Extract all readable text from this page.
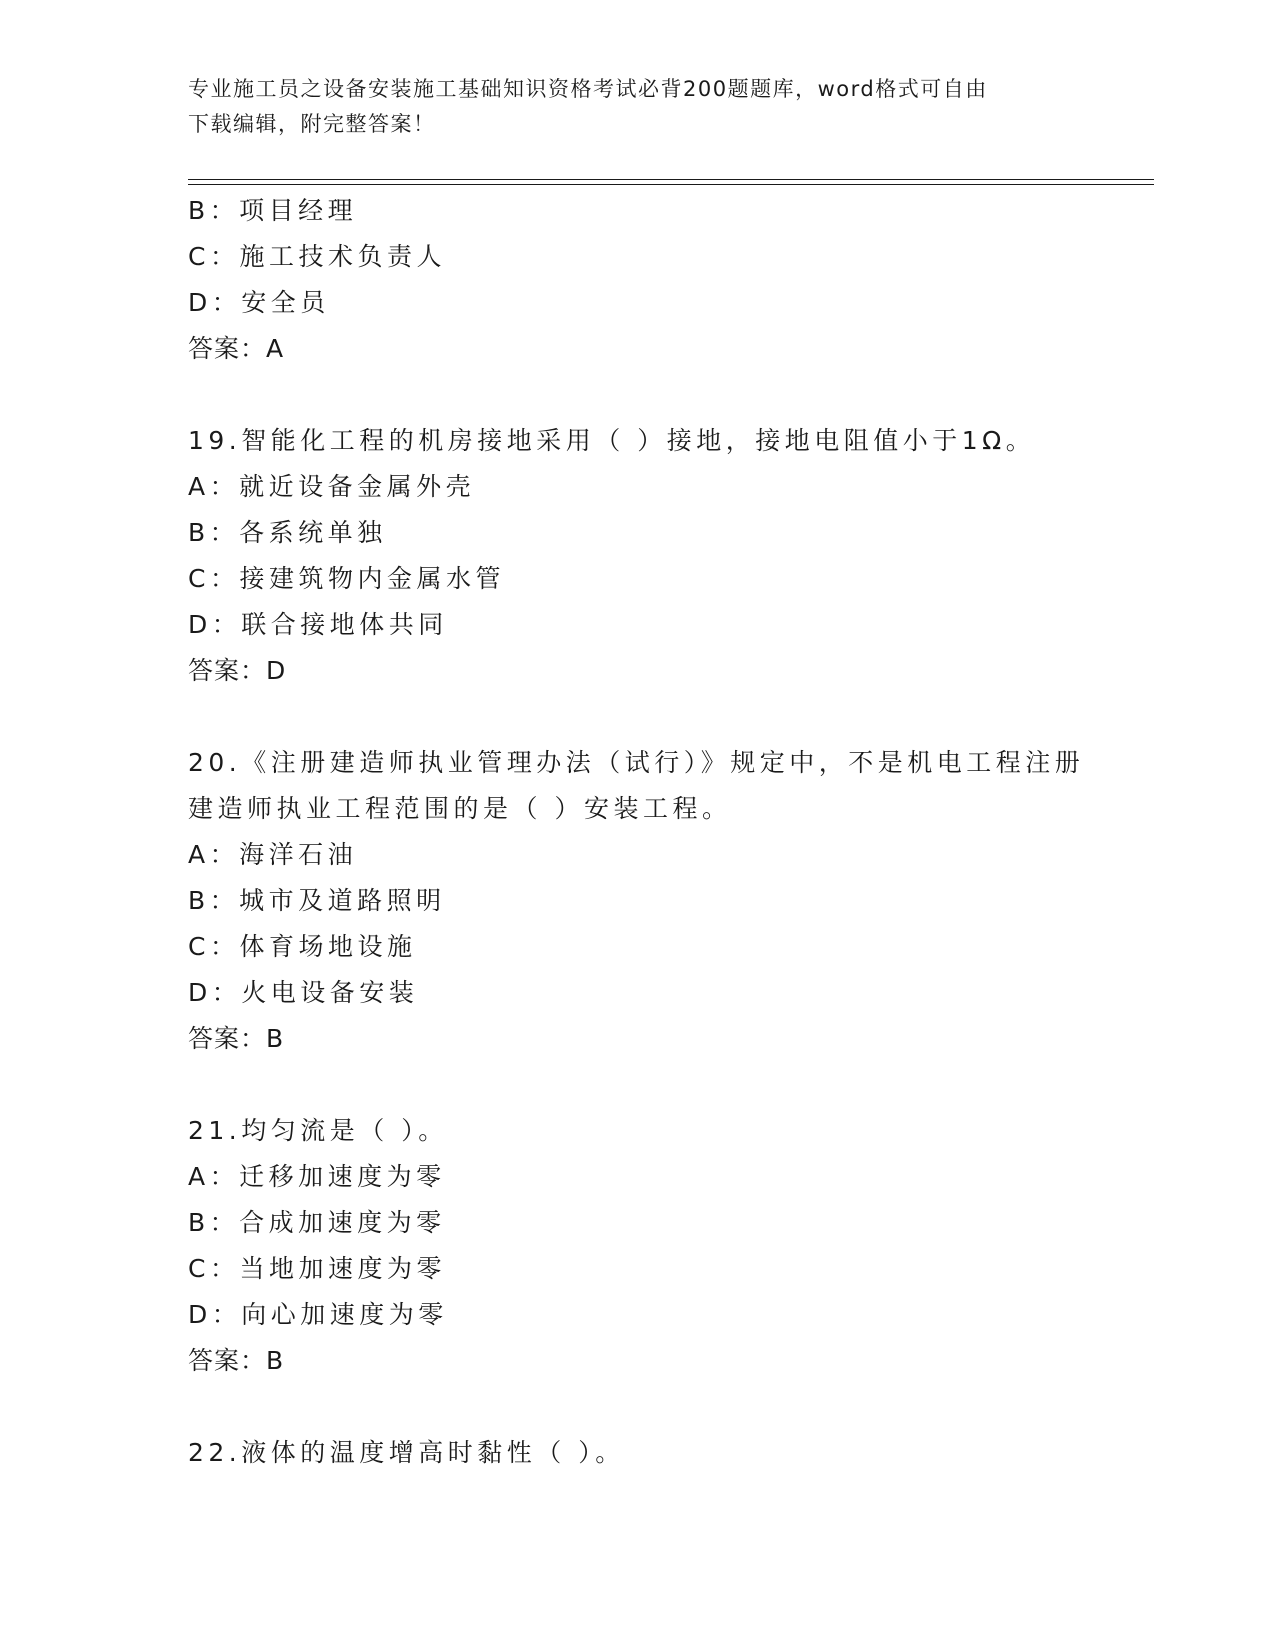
专业施工员之设备安装施工基础知识资格考试必背200题题库，word格式可自由
下载编辑，附完整答案！
B：项目经理
C：施工技术负责人
D：安全员
答案：A
19.智能化工程的机房接地采用（ ）接地，接地电阻值小于1Ω。
A：就近设备金属外壳
B：各系统单独
C：接建筑物内金属水管
D：联合接地体共同
答案：D
20.《注册建造师执业管理办法（试行）》规定中，不是机电工程注册
建造师执业工程范围的是（ ）安装工程。
A：海洋石油
B：城市及道路照明
C：体育场地设施
D：火电设备安装
答案：B
21.均匀流是（ ）。
A：迁移加速度为零
B：合成加速度为零
C：当地加速度为零
D：向心加速度为零
答案：B
22.液体的温度增高时黏性（ ）。
